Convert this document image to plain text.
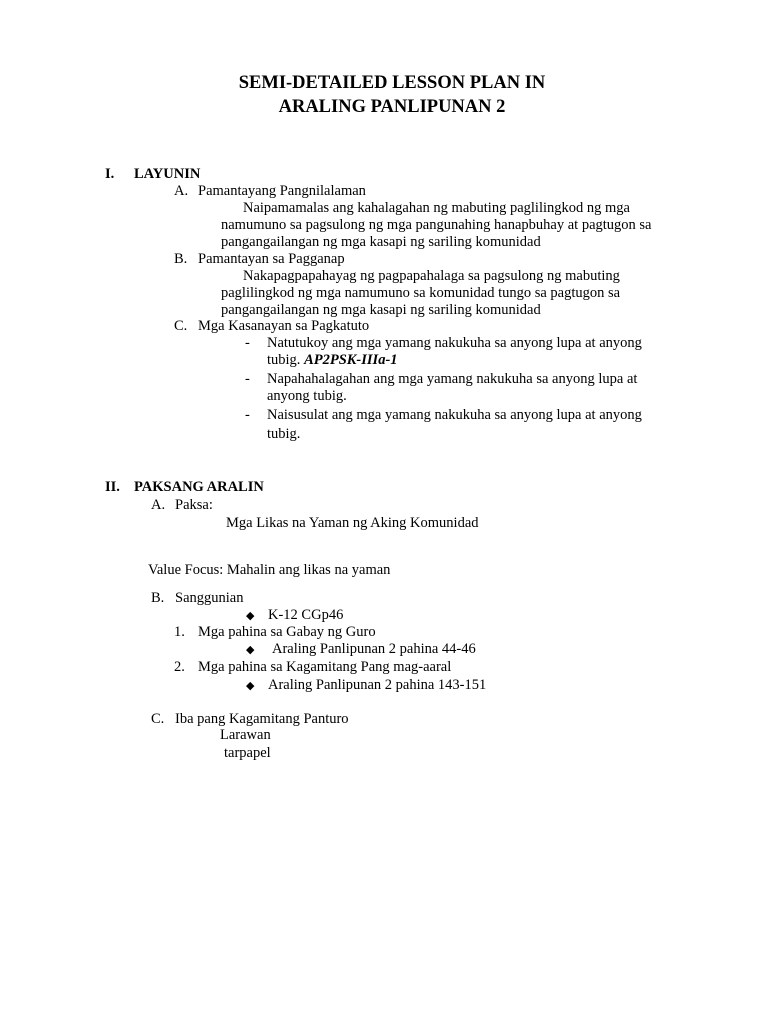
SEMI-DETAILED LESSON PLAN IN
ARALING PANLIPUNAN 2
I. LAYUNIN
A. Pamantayang Pangnilalaman
Naipamamalas ang kahalagahan ng mabuting paglilingkod ng mga
namumuno sa pagsulong ng mga pangunahing hanapbuhay at pagtugon sa
pangangailangan ng mga kasapi ng sariling komunidad
B. Pamantayan sa Pagganap
Nakapagpapahayag ng pagpapahalaga sa pagsulong ng mabuting
paglilingkod ng mga namumuno sa komunidad tungo sa pagtugon sa
pangangailangan ng mga kasapi ng sariling komunidad
C. Mga Kasanayan sa Pagkatuto
- Natutukoy ang mga yamang nakukuha sa anyong lupa at anyong
tubig. AP2PSK-IIIa-1
- Napahahalagahan ang mga yamang nakukuha sa anyong lupa at
anyong tubig.
- Naisusulat ang mga yamang nakukuha sa anyong lupa at anyong
tubig.
II. PAKSANG ARALIN
A. Paksa:
Mga Likas na Yaman ng Aking Komunidad
Value Focus: Mahalin ang likas na yaman
B. Sanggunian
◆ K-12 CGp46
1. Mga pahina sa Gabay ng Guro
◆ Araling Panlipunan 2 pahina 44-46
2. Mga pahina sa Kagamitang Pang mag-aaral
◆ Araling Panlipunan 2 pahina 143-151
C. Iba pang Kagamitang Panturo
Larawan
tarpapel
